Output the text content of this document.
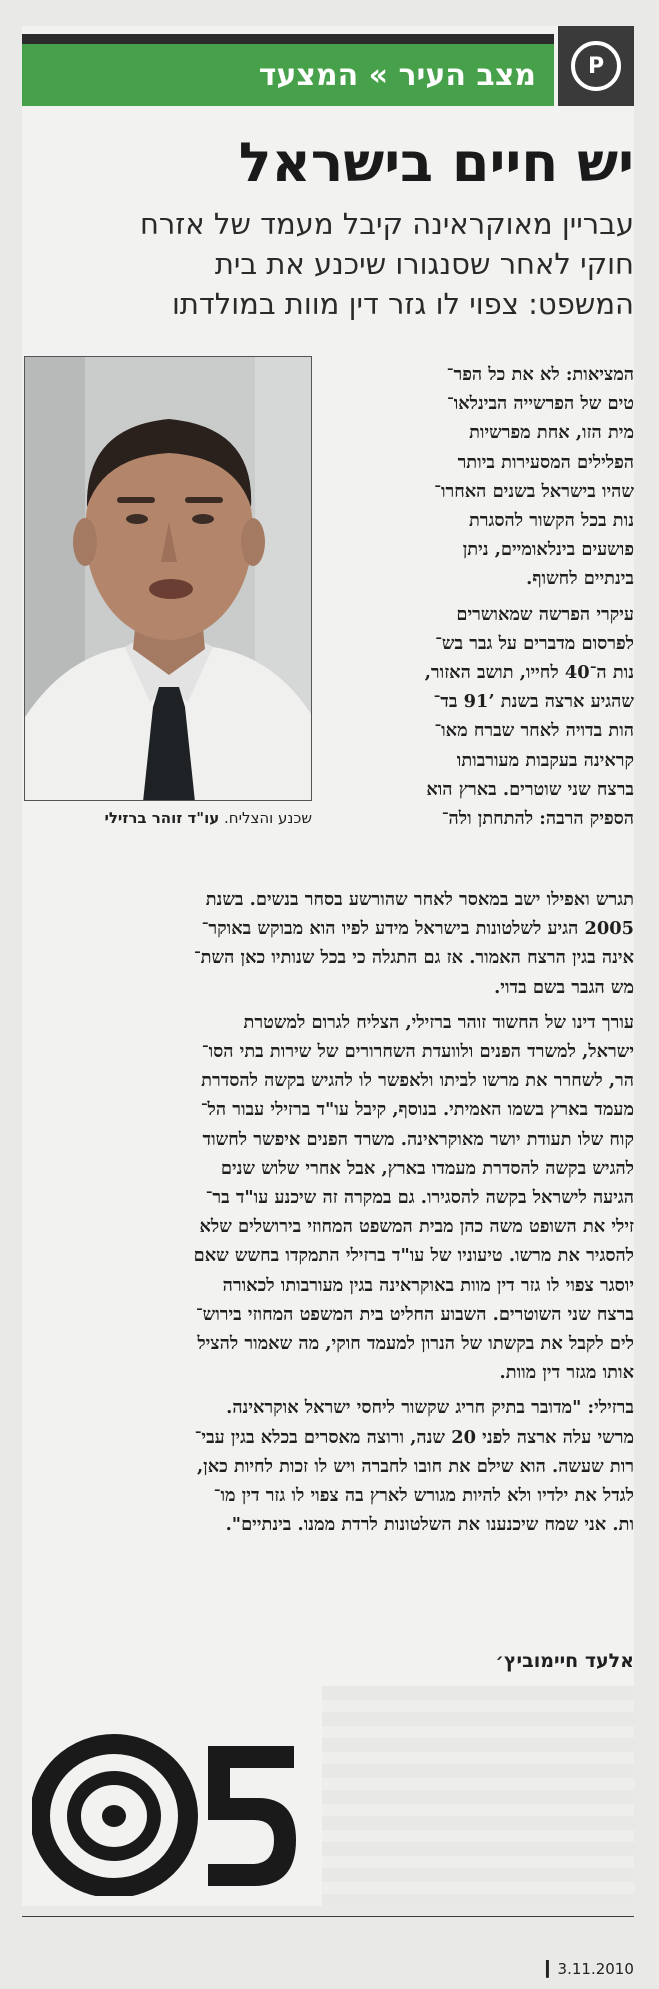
מצב העיר » המצעד P
יש חיים בישראל
עבריין מאוקראינה קיבל מעמד של אזרח
חוקי לאחר שסנגורו שיכנע את בית
המשפט: צפוי לו גזר דין מוות במולדתו
שכנע והצליח. עו"ד זוהר ברזילי
המציאות: לא את כל הפר־
טים של הפרשייה הבינלאו־
מית הזו, אחת מפרשיות
הפלילים המסעירות ביותר
שהיו בישראל בשנים האחרו־
נות בכל הקשור להסגרת
פושעים בינלאומיים, ניתן
בינתיים לחשוף.
עיקרי הפרשה שמאושרים
לפרסום מדברים על גבר בש־
נות ה־40 לחייו, תושב האזור,
שהגיע ארצה בשנת ’91 בד־
הות בדויה לאחר שברח מאו־
קראינה בעקבות מעורבותו
ברצח שני שוטרים. בארץ הוא
הספיק הרבה: להתחתן ולה־
תגרש ואפילו ישב במאסר לאחר שהורשע בסחר בנשים. בשנת
2005 הגיע לשלטונות בישראל מידע לפיו הוא מבוקש באוקר־
אינה בגין הרצח האמור. אז גם התגלה כי בכל שנותיו כאן השת־
מש הגבר בשם בדוי.
עורך דינו של החשוד זוהר ברזילי, הצליח לגרום למשטרת
ישראל, למשרד הפנים ולוועדת השחרורים של שירות בתי הסו־
הר, לשחרר את מרשו לביתו ולאפשר לו להגיש בקשה להסדרת
מעמד בארץ בשמו האמיתי. בנוסף, קיבל עו"ד ברזילי עבור הל־
קוח שלו תעודת יושר מאוקראינה. משרד הפנים איפשר לחשוד
להגיש בקשה להסדרת מעמדו בארץ, אבל אחרי שלוש שנים
הגיעה לישראל בקשה להסגירו. גם במקרה זה שיכנע עו"ד בר־
זילי את השופט משה כהן מבית המשפט המחוזי בירושלים שלא
להסגיר את מרשו. טיעוניו של עו"ד ברזילי התמקדו בחשש שאם
יוסגר צפוי לו גזר דין מוות באוקראינה בגין מעורבותו לכאורה
ברצח שני השוטרים. השבוע החליט בית המשפט המחוזי בירוש־
לים לקבל את בקשתו של הנרון למעמד חוקי, מה שאמור להציל
אותו מגזר דין מוות.
ברזילי: "מדובר בתיק חריג שקשור ליחסי ישראל אוקראינה.
מרשי עלה ארצה לפני 20 שנה, ורוצה מאסרים בכלא בגין עבי־
רות שעשה. הוא שילם את חובו לחברה ויש לו זכות לחיות כאן,
לגדל את ילדיו ולא להיות מגורש לארץ בה צפוי לו גזר דין מו־
ות. אני שמח שיכנענו את השלטונות לרדת ממנו. בינתיים".
אלעד חיימוביץ׳
▎3.11.2010
